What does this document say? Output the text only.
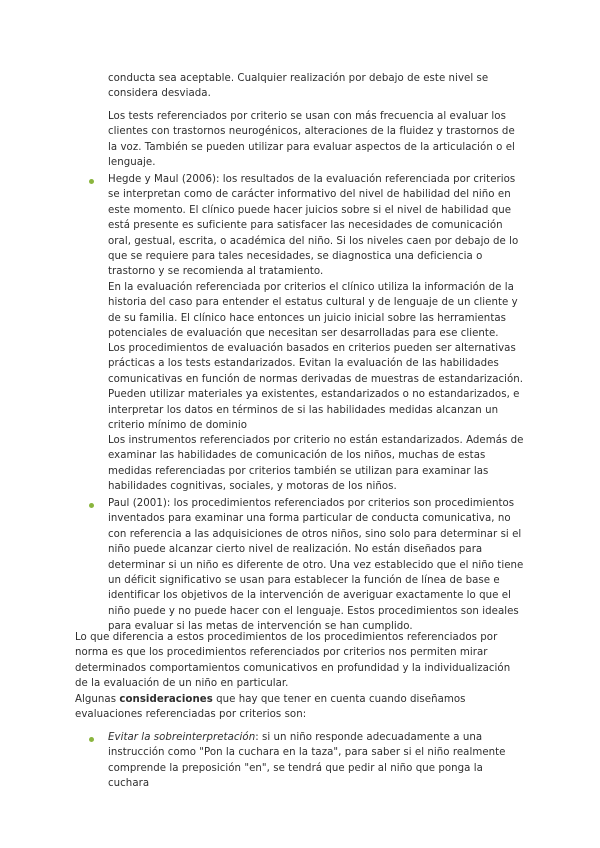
conducta sea aceptable. Cualquier realización por debajo de este nivel se considera desviada.

Los tests referenciados por criterio se usan con más frecuencia al evaluar los clientes con trastornos neurogénicos, alteraciones de la fluidez y trastornos de la voz. También se pueden utilizar para evaluar aspectos de la articulación o el lenguaje.

Hegde y Maul (2006): los resultados de la evaluación referenciada por criterios se interpretan como de carácter informativo del nivel de habilidad del niño en este momento. El clínico puede hacer juicios sobre si el nivel de habilidad que está presente es suficiente para satisfacer las necesidades de comunicación oral, gestual, escrita, o académica del niño. Si los niveles caen por debajo de lo que se requiere para tales necesidades, se diagnostica una deficiencia o trastorno y se recomienda al tratamiento.

En la evaluación referenciada por criterios el clínico utiliza la información de la historia del caso para entender el estatus cultural y de lenguaje de un cliente y de su familia. El clínico hace entonces un juicio inicial sobre las herramientas potenciales de evaluación que necesitan ser desarrolladas para ese cliente.

Los procedimientos de evaluación basados en criterios pueden ser alternativas prácticas a los tests estandarizados. Evitan la evaluación de las habilidades comunicativas en función de normas derivadas de muestras de estandarización. Pueden utilizar materiales ya existentes, estandarizados o no estandarizados, e interpretar los datos en términos de si las habilidades medidas alcanzan un criterio mínimo de dominio

Los instrumentos referenciados por criterio no están estandarizados. Además de examinar las habilidades de comunicación de los niños, muchas de estas medidas referenciadas por criterios también se utilizan para examinar las habilidades cognitivas, sociales, y motoras de los niños.

Paul (2001): los procedimientos referenciados por criterios son procedimientos inventados para examinar una forma particular de conducta comunicativa, no con referencia a las adquisiciones de otros niños, sino solo para determinar si el niño puede alcanzar cierto nivel de realización. No están diseñados para determinar si un niño es diferente de otro. Una vez establecido que el niño tiene un déficit significativo se usan para establecer la función de línea de base e identificar los objetivos de la intervención de averiguar exactamente lo que el niño puede y no puede hacer con el lenguaje. Estos procedimientos son ideales para evaluar si las metas de intervención se han cumplido.

Lo que diferencia a estos procedimientos de los procedimientos referenciados por norma es que los procedimientos referenciados por criterios nos permiten mirar determinados comportamientos comunicativos en profundidad y la individualización de la evaluación de un niño en particular.

Algunas consideraciones que hay que tener en cuenta cuando diseñamos evaluaciones referenciadas por criterios son:

Evitar la sobreinterpretación: si un niño responde adecuadamente a una instrucción como "Pon la cuchara en la taza", para saber si el niño realmente comprende la preposición "en", se tendrá que pedir al niño que ponga la cuchara
